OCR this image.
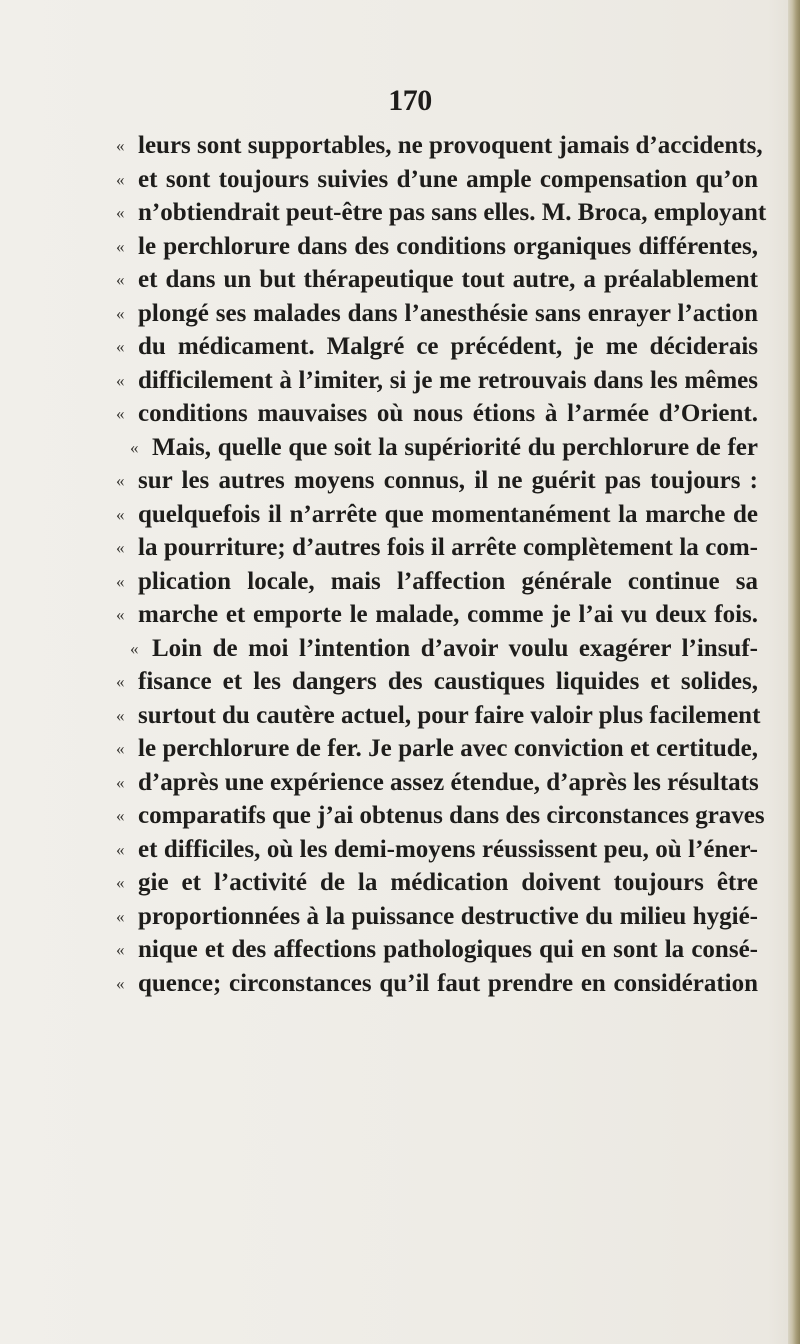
170
« leurs sont supportables, ne provoquent jamais d’accidents,
« et sont toujours suivies d’une ample compensation qu’on
« n’obtiendrait peut-être pas sans elles. M. Broca, employant
« le perchlorure dans des conditions organiques différentes,
« et dans un but thérapeutique tout autre, a préalablement
« plongé ses malades dans l’anesthésie sans enrayer l’action
« du médicament. Malgré ce précédent, je me déciderais
« difficilement à l’imiter, si je me retrouvais dans les mêmes
« conditions mauvaises où nous étions à l’armée d’Orient.
« Mais, quelle que soit la supériorité du perchlorure de fer
« sur les autres moyens connus, il ne guérit pas toujours :
« quelquefois il n’arrête que momentanément la marche de
« la pourriture; d’autres fois il arrête complètement la com-
« plication locale, mais l’affection générale continue sa
« marche et emporte le malade, comme je l’ai vu deux fois.
« Loin de moi l’intention d’avoir voulu exagérer l’insuf-
« fisance et les dangers des caustiques liquides et solides,
« surtout du cautère actuel, pour faire valoir plus facilement
« le perchlorure de fer. Je parle avec conviction et certitude,
« d’après une expérience assez étendue, d’après les résultats
« comparatifs que j’ai obtenus dans des circonstances graves
« et difficiles, où les demi-moyens réussissent peu, où l’éner-
« gie et l’activité de la médication doivent toujours être
« proportionnées à la puissance destructive du milieu hygié-
« nique et des affections pathologiques qui en sont la consé-
« quence; circonstances qu’il faut prendre en considération
